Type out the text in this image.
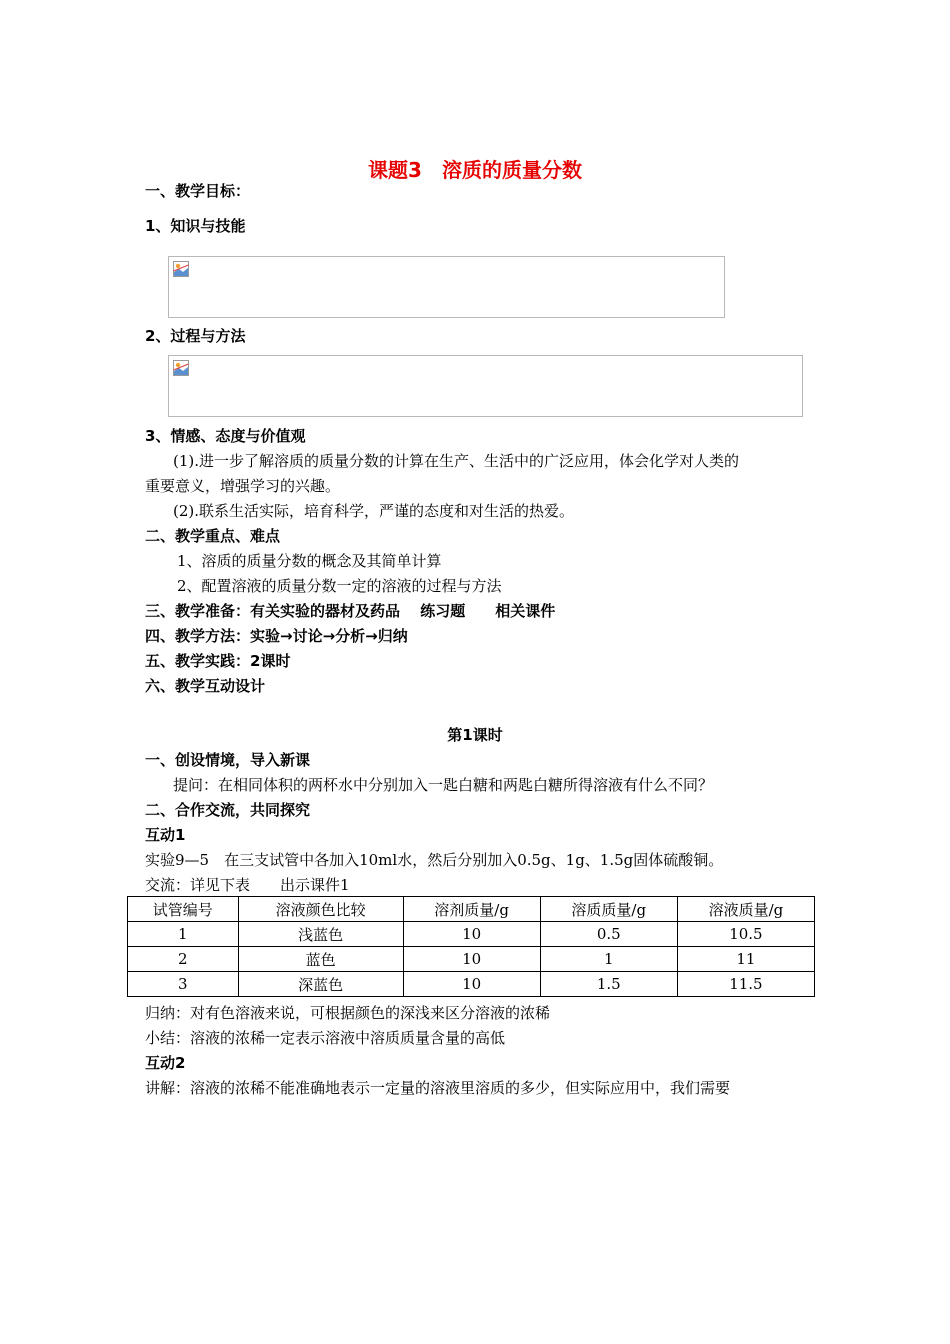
课题3　溶质的质量分数
一、教学目标：
1、知识与技能
2、过程与方法
3、情感、态度与价值观
(1).进一步了解溶质的质量分数的计算在生产、生活中的广泛应用，体会化学对人类的
重要意义，增强学习的兴趣。
(2).联系生活实际，培育科学，严谨的态度和对生活的热爱。
二、教学重点、难点
1、溶质的质量分数的概念及其简单计算
2、配置溶液的质量分数一定的溶液的过程与方法
三、教学准备：有关实验的器材及药品　 练习题　　相关课件
四、教学方法：实验→讨论→分析→归纳
五、教学实践：2课时
六、教学互动设计
第1课时
一、创设情境，导入新课
提问：在相同体积的两杯水中分别加入一匙白糖和两匙白糖所得溶液有什么不同？
二、合作交流，共同探究
互动1
实验9—5　在三支试管中各加入10ml水，然后分别加入0.5g、1g、1.5g固体硫酸铜。
交流：详见下表　　出示课件1
试管编号	溶液颜色比较	溶剂质量/g	溶质质量/g	溶液质量/g
1	浅蓝色	10	0.5	10.5
2	蓝色	10	1	11
3	深蓝色	10	1.5	11.5
归纳：对有色溶液来说，可根据颜色的深浅来区分溶液的浓稀
小结：溶液的浓稀一定表示溶液中溶质质量含量的高低
互动2
讲解：溶液的浓稀不能准确地表示一定量的溶液里溶质的多少，但实际应用中，我们需要
